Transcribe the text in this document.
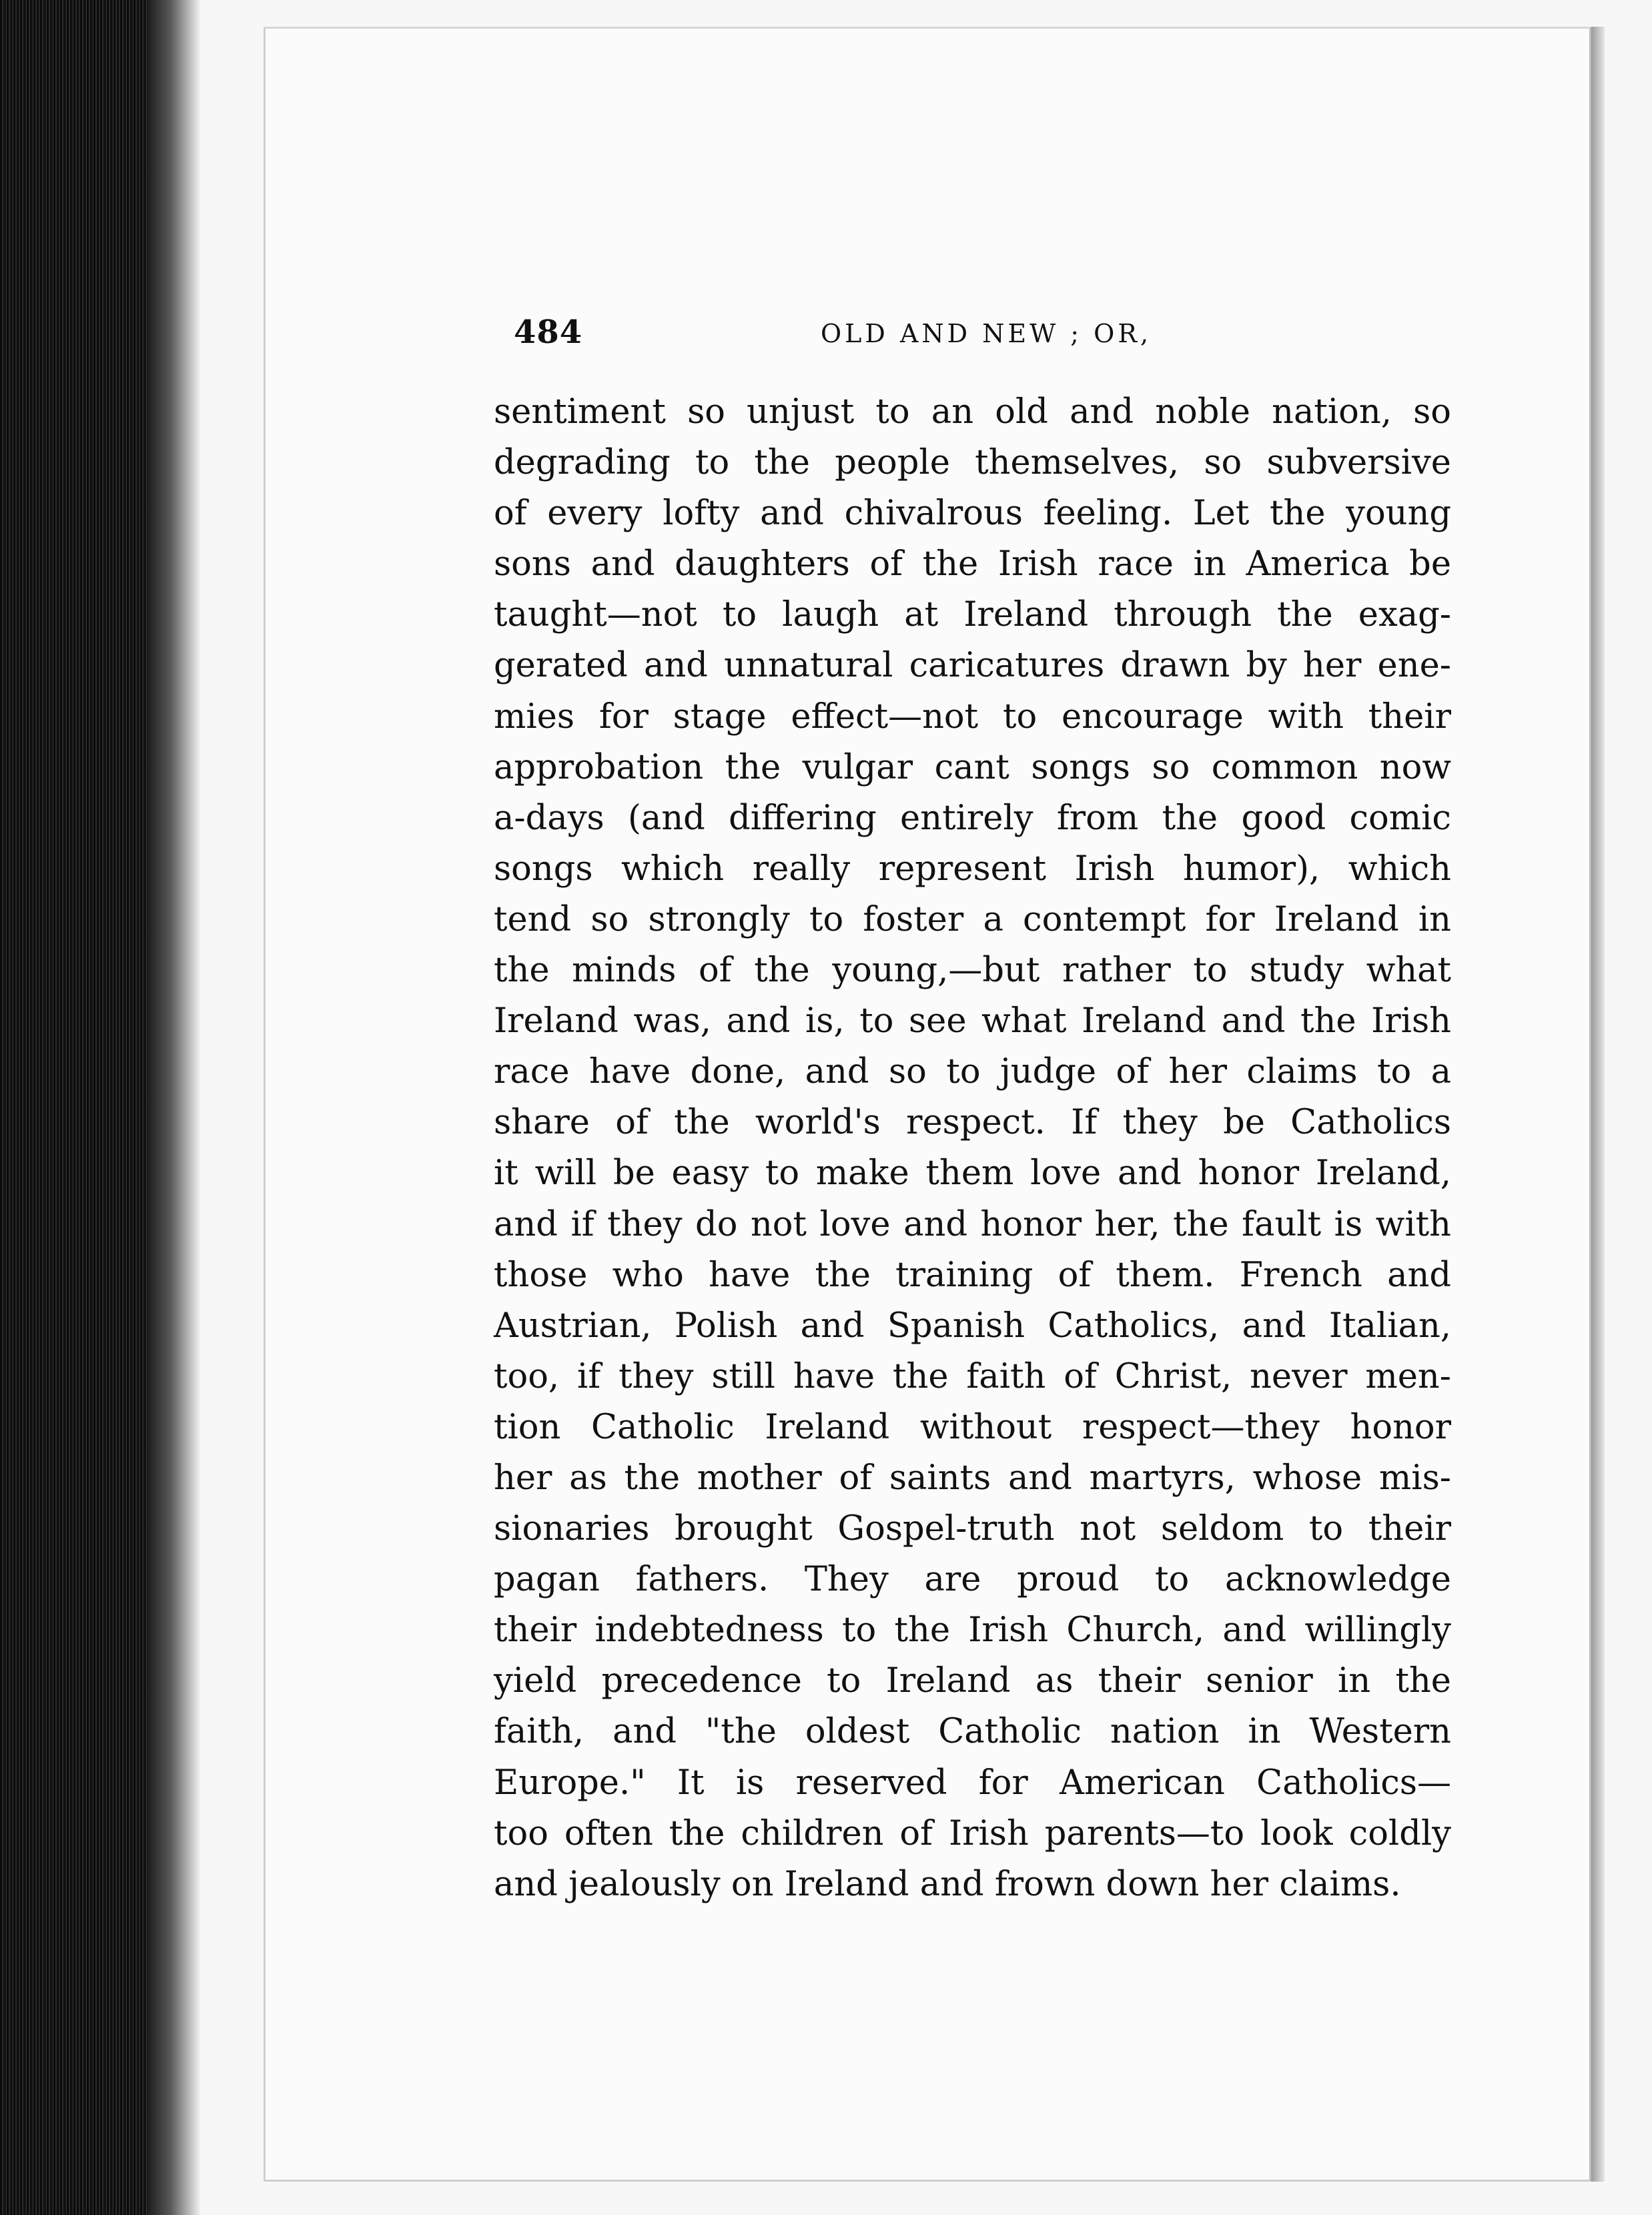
484	OLD AND NEW ; OR,
sentiment so unjust to an old and noble nation, so
degrading to the people themselves, so subversive
of every lofty and chivalrous feeling. Let the young
sons and daughters of the Irish race in America be
taught—not to laugh at Ireland through the exag-
gerated and unnatural caricatures drawn by her ene-
mies for stage effect—not to encourage with their
approbation the vulgar cant songs so common now
a-days (and differing entirely from the good comic
songs which really represent Irish humor), which
tend so strongly to foster a contempt for Ireland in
the minds of the young,—but rather to study what
Ireland was, and is, to see what Ireland and the Irish
race have done, and so to judge of her claims to a
share of the world's respect. If they be Catholics
it will be easy to make them love and honor Ireland,
and if they do not love and honor her, the fault is with
those who have the training of them. French and
Austrian, Polish and Spanish Catholics, and Italian,
too, if they still have the faith of Christ, never men-
tion Catholic Ireland without respect—they honor
her as the mother of saints and martyrs, whose mis-
sionaries brought Gospel-truth not seldom to their
pagan fathers. They are proud to acknowledge
their indebtedness to the Irish Church, and willingly
yield precedence to Ireland as their senior in the
faith, and "the oldest Catholic nation in Western
Europe." It is reserved for American Catholics—
too often the children of Irish parents—to look coldly
and jealously on Ireland and frown down her claims.
